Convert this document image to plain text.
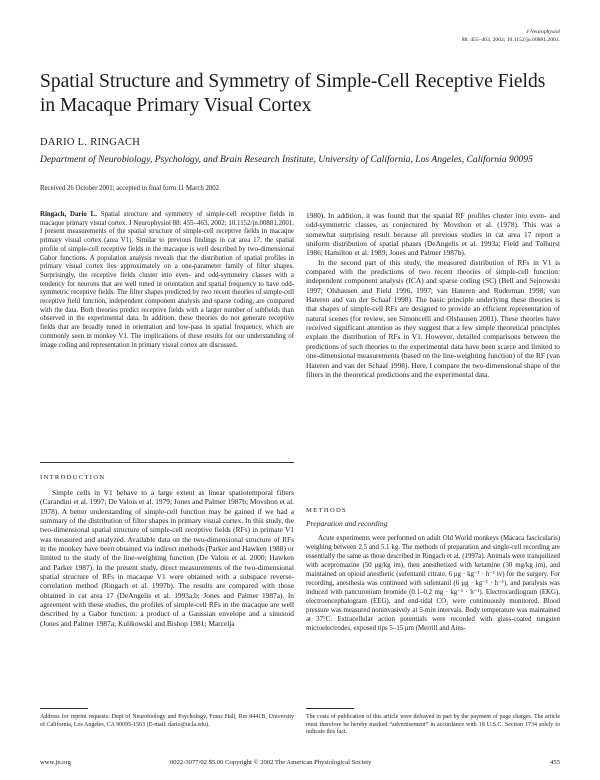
J Neurophysiol
88: 455–463, 2002; 10.1152/jn.00881.2001.
Spatial Structure and Symmetry of Simple-Cell Receptive Fields in Macaque Primary Visual Cortex
DARIO L. RINGACH
Department of Neurobiology, Psychology, and Brain Research Institute, University of California, Los Angeles, California 90095
Received 26 October 2001; accepted in final form 11 March 2002

Ringach, Dario L. Spatial structure and symmetry of simple-cell receptive fields in macaque primary visual cortex. J Neurophysiol 88: 455–463, 2002; 10.1152/jn.00881.2001. I present measurements of the spatial structure of simple-cell receptive fields in macaque primary visual cortex (area V1). Similar to previous findings in cat area 17, the spatial profile of simple-cell receptive fields in the macaque is well described by two-dimensional Gabor functions. A population analysis reveals that the distribution of spatial profiles in primary visual cortex lies approximately on a one-parameter family of filter shapes. Surprisingly, the receptive fields cluster into even- and odd-symmetry classes with a tendency for neurons that are well tuned in orientation and spatial frequency to have odd-symmetric receptive fields. The filter shapes predicted by two recent theories of simple-cell receptive field function, independent component analysis and sparse coding, are compared with the data. Both theories predict receptive fields with a larger number of subfields than observed in the experimental data. In addition, these theories do not generate receptive fields that are broadly tuned in orientation and low-pass in spatial frequency, which are commonly seen in monkey V1. The implications of these results for our understanding of image coding and representation in primary visual cortex are discussed.

INTRODUCTION

Simple cells in V1 behave to a large extent as linear spatiotemporal filters (Carandini et al. 1997; De Valois et al. 1979; Jones and Palmer 1987b; Movshon et al. 1978). A better understanding of simple-cell function may be gained if we had a summary of the distribution of filter shapes in primary visual cortex. In this study, the two-dimensional spatial structure of simple-cell receptive fields (RFs) in primate V1 was measured and analyzed. Available data on the two-dimensional structure of RFs in the monkey have been obtained via indirect methods (Parker and Hawken 1988) or limited to the study of the line-weighting function (De Valois et al. 2000; Hawken and Parker 1987). In the present study, direct measurements of the two-dimensional spatial structure of RFs in macaque V1 were obtained with a subspace reverse-correlation method (Ringach et al. 1997b). The results are compared with those obtained in cat area 17 (DeAngelis et al. 1993a,b; Jones and Palmer 1987a). In agreement with these studies, the profiles of simple-cell RFs in the macaque are well described by a Gabor function: a product of a Gaussian envelope and a sinusoid (Jones and Palmer 1987a; Kulikowski and Bishop 1981; Marcelja

1980). In addition, it was found that the spatial RF profiles cluster into even- and odd-symmetric classes, as conjectured by Movshon et al. (1978). This was a somewhat surprising result because all previous studies in cat area 17 report a uniform distribution of spatial phases (DeAngelis et al. 1993a; Field and Tolhurst 1986; Hamilton et al. 1989; Jones and Palmer 1987b).

In the second part of this study, the measured distribution of RFs in V1 is compared with the predictions of two recent theories of simple-cell function: independent component analysis (ICA) and sparse coding (SC) (Bell and Sejnowski 1997; Olshausen and Field 1996, 1997; van Hateren and Ruderman 1998; van Hateren and van der Schaaf 1998). The basic principle underlying these theories is that shapes of simple-cell RFs are designed to provide an efficient representation of natural scenes (for review, see Simoncelli and Olshausen 2001). These theories have received significant attention as they suggest that a few simple theoretical principles explain the distribution of RFs in V1. However, detailed comparisons between the predictions of such theories to the experimental data have been scarce and limited to one-dimensional measurements (based on the line-weighting function) of the RF (van Hateren and van der Schaaf 1998). Here, I compare the two-dimensional shape of the filters in the theoretical predictions and the experimental data.

METHODS
Preparation and recording

Acute experiments were performed on adult Old World monkeys (Macaca fascicularis) weighing between 2.5 and 5.1 kg. The methods of preparation and single-cell recording are essentially the same as those described in Ringach et al. (1997a). Animals were tranquilized with acepromazine (50 μg/kg im), then anesthetized with ketamine (30 mg/kg im), and maintained on opioid anesthetic (sufentanil citrate, 6 μg · kg⁻¹ · h⁻¹ iv) for the surgery. For recording, anesthesia was continued with sufentanil (6 μg · kg⁻¹ · h⁻¹), and paralysis was induced with pancuronium bromide (0.1–0.2 mg · kg⁻¹ · h⁻¹). Electrocardiogram (EKG), electroencephalogram (EEG), and end-tidal CO₂ were continuously monitored. Blood pressure was measured noninvasively at 5-min intervals. Body temperature was maintained at 37°C. Extracellular action potentials were recorded with glass-coated tungsten microelectrodes, exposed tips 5–15 μm (Merrill and Ains-

Address for reprint requests: Dept of Neurobiology and Psychology, Franz Hall, Rm 8441B, University of California, Los Angeles, CA 90095-1563 (E-mail: dario@ucla.edu).
The costs of publication of this article were defrayed in part by the payment of page charges. The article must therefore be hereby marked “advertisement” in accordance with 18 U.S.C. Section 1734 solely to indicate this fact.
www.jn.org	0022-3077/02 $5.00 Copyright © 2002 The American Physiological Society	455
